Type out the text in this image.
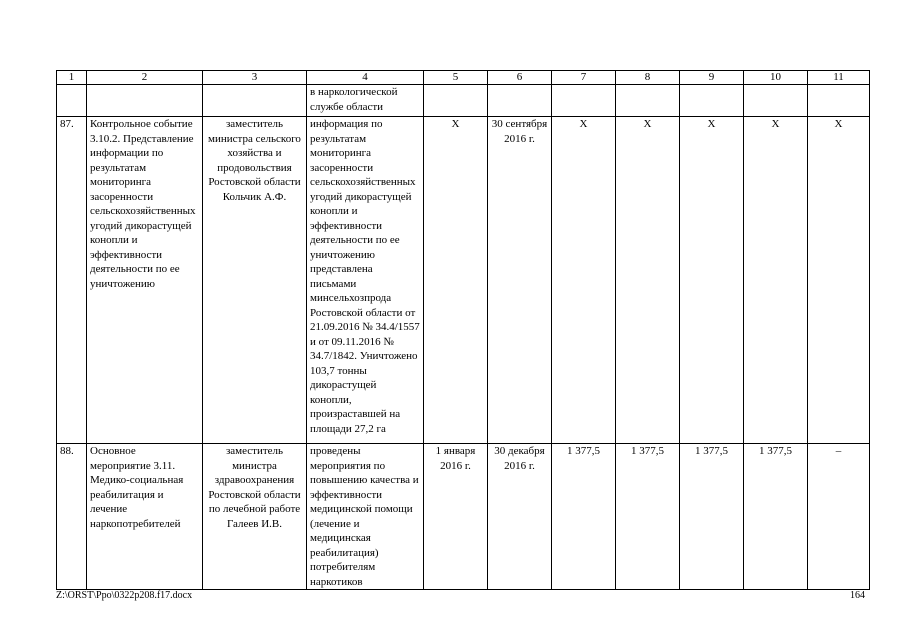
1	2	3	4	5	6	7	8	9	10	11
			в наркологической службе области							
87.	Контрольное событие 3.10.2. Представление информации по результатам мониторинга засоренности сельскохозяйственных угодий дикорастущей конопли и эффективности деятельности по ее уничтожению	заместитель министра сельского хозяйства и продовольствия Ростовской области Кольчик А.Ф.	информация по результатам мониторинга засоренности сельскохозяйственных угодий дикорастущей конопли и эффективности деятельности по ее уничтожению представлена письмами минсельхозпрода Ростовской области от 21.09.2016 № 34.4/1557 и от 09.11.2016 № 34.7/1842. Уничтожено 103,7 тонны дикорастущей конопли, произраставшей на площади 27,2 га	X	30 сентября 2016 г.	X	X	X	X	X
88.	Основное мероприятие 3.11. Медико-социальная реабилитация и лечение наркопотребителей	заместитель министра здравоохранения Ростовской области по лечебной работе Галеев И.В.	проведены мероприятия по повышению качества и эффективности медицинской помощи (лечение и медицинская реабилитация) потребителям наркотиков	1 января 2016 г.	30 декабря 2016 г.	1 377,5	1 377,5	1 377,5	1 377,5	–
Z:\ORST\Ppo\0322p208.f17.docx	164
